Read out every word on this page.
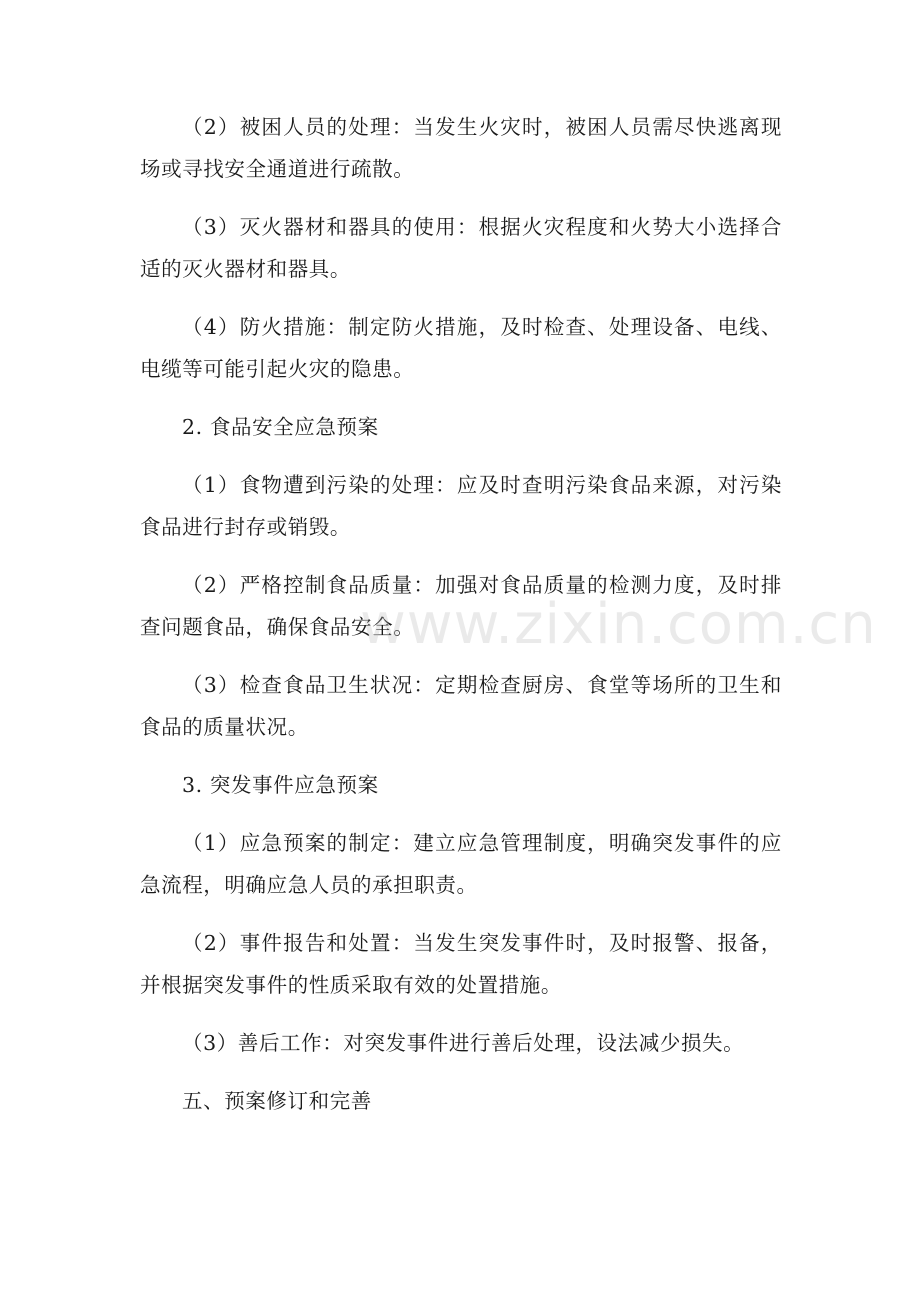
（2）被困人员的处理：当发生火灾时，被困人员需尽快逃离现场或寻找安全通道进行疏散。

（3）灭火器材和器具的使用：根据火灾程度和火势大小选择合适的灭火器材和器具。

（4）防火措施：制定防火措施，及时检查、处理设备、电线、电缆等可能引起火灾的隐患。

2. 食品安全应急预案

（1）食物遭到污染的处理：应及时查明污染食品来源，对污染食品进行封存或销毁。

（2）严格控制食品质量：加强对食品质量的检测力度，及时排查问题食品，确保食品安全。

（3）检查食品卫生状况：定期检查厨房、食堂等场所的卫生和食品的质量状况。

3. 突发事件应急预案

（1）应急预案的制定：建立应急管理制度，明确突发事件的应急流程，明确应急人员的承担职责。

（2）事件报告和处置：当发生突发事件时，及时报警、报备，并根据突发事件的性质采取有效的处置措施。

（3）善后工作：对突发事件进行善后处理，设法减少损失。

五、预案修订和完善

www.zixin.com.cn
